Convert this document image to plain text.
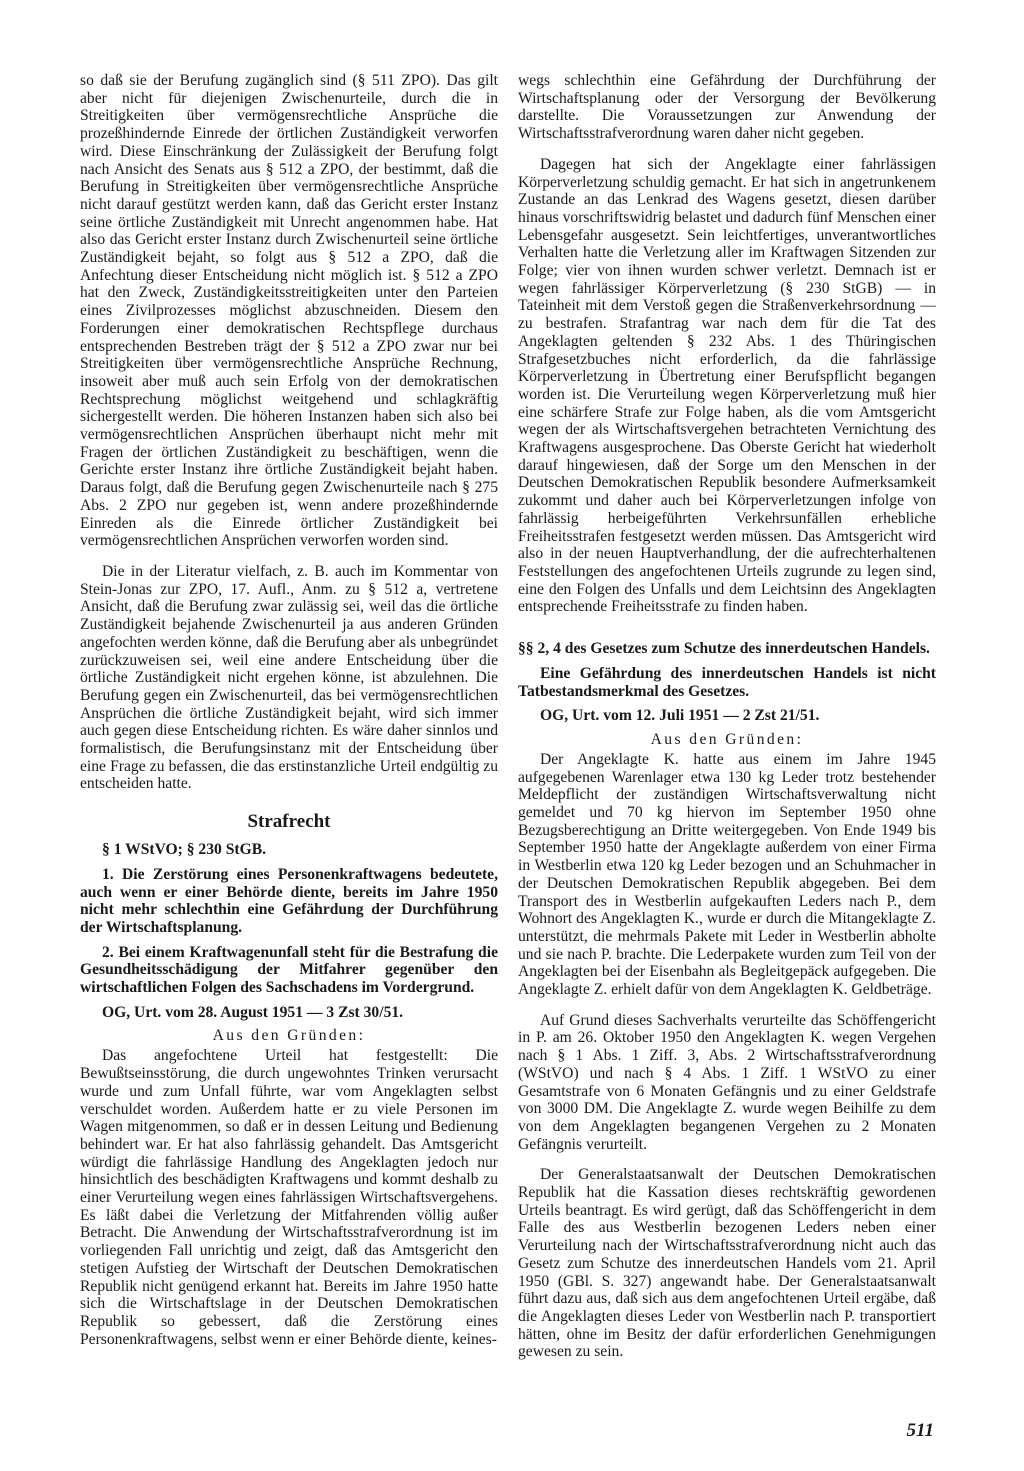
so daß sie der Berufung zugänglich sind (§ 511 ZPO). Das gilt aber nicht für diejenigen Zwischenurteile, durch die in Streitigkeiten über vermögensrechtliche Ansprüche die prozeßhindernde Einrede der örtlichen Zuständigkeit verworfen wird. Diese Einschränkung der Zulässigkeit der Berufung folgt nach Ansicht des Senats aus § 512 a ZPO, der bestimmt, daß die Berufung in Streitigkeiten über vermögensrechtliche Ansprüche nicht darauf gestützt werden kann, daß das Gericht erster Instanz seine örtliche Zuständigkeit mit Unrecht angenommen habe. Hat also das Gericht erster Instanz durch Zwischenurteil seine örtliche Zuständigkeit bejaht, so folgt aus § 512 a ZPO, daß die Anfechtung dieser Entscheidung nicht möglich ist. § 512 a ZPO hat den Zweck, Zuständigkeitsstreitigkeiten unter den Parteien eines Zivilprozesses möglichst abzuschneiden. Diesem den Forderungen einer demokratischen Rechtspflege durchaus entsprechenden Bestreben trägt der § 512 a ZPO zwar nur bei Streitigkeiten über vermögensrechtliche Ansprüche Rechnung, insoweit aber muß auch sein Erfolg von der demokratischen Rechtsprechung möglichst weitgehend und schlagkräftig sichergestellt werden. Die höheren Instanzen haben sich also bei vermögensrechtlichen Ansprüchen überhaupt nicht mehr mit Fragen der örtlichen Zuständigkeit zu beschäftigen, wenn die Gerichte erster Instanz ihre örtliche Zuständigkeit bejaht haben. Daraus folgt, daß die Berufung gegen Zwischenurteile nach § 275 Abs. 2 ZPO nur gegeben ist, wenn andere prozeßhindernde Einreden als die Einrede örtlicher Zuständigkeit bei vermögensrechtlichen Ansprüchen verworfen worden sind.

Die in der Literatur vielfach, z. B. auch im Kommentar von Stein-Jonas zur ZPO, 17. Aufl., Anm. zu § 512 a, vertretene Ansicht, daß die Berufung zwar zulässig sei, weil das die örtliche Zuständigkeit bejahende Zwischenurteil ja aus anderen Gründen angefochten werden könne, daß die Berufung aber als unbegründet zurückzuweisen sei, weil eine andere Entscheidung über die örtliche Zuständigkeit nicht ergehen könne, ist abzulehnen. Die Berufung gegen ein Zwischenurteil, das bei vermögensrechtlichen Ansprüchen die örtliche Zuständigkeit bejaht, wird sich immer auch gegen diese Entscheidung richten. Es wäre daher sinnlos und formalistisch, die Berufungsinstanz mit der Entscheidung über eine Frage zu befassen, die das erstinstanzliche Urteil endgültig zu entscheiden hatte.

Strafrecht

§ 1 WStVO; § 230 StGB.

1. Die Zerstörung eines Personenkraftwagens bedeutete, auch wenn er einer Behörde diente, bereits im Jahre 1950 nicht mehr schlechthin eine Gefährdung der Durchführung der Wirtschaftsplanung.

2. Bei einem Kraftwagenunfall steht für die Bestrafung die Gesundheitsschädigung der Mitfahrer gegenüber den wirtschaftlichen Folgen des Sachschadens im Vordergrund.

OG, Urt. vom 28. August 1951 — 3 Zst 30/51.

Aus den Gründen:

Das angefochtene Urteil hat festgestellt: Die Bewußtseinsstörung, die durch ungewohntes Trinken verursacht wurde und zum Unfall führte, war vom Angeklagten selbst verschuldet worden. Außerdem hatte er zu viele Personen im Wagen mitgenommen, so daß er in dessen Leitung und Bedienung behindert war. Er hat also fahrlässig gehandelt. Das Amtsgericht würdigt die fahrlässige Handlung des Angeklagten jedoch nur hinsichtlich des beschädigten Kraftwagens und kommt deshalb zu einer Verurteilung wegen eines fahrlässigen Wirtschaftsvergehens. Es läßt dabei die Verletzung der Mitfahrenden völlig außer Betracht. Die Anwendung der Wirtschaftsstrafverordnung ist im vorliegenden Fall unrichtig und zeigt, daß das Amtsgericht den stetigen Aufstieg der Wirtschaft der Deutschen Demokratischen Republik nicht genügend erkannt hat. Bereits im Jahre 1950 hatte sich die Wirtschaftslage in der Deutschen Demokratischen Republik so gebessert, daß die Zerstörung eines Personenkraftwagens, selbst wenn er einer Behörde diente, keines-

wegs schlechthin eine Gefährdung der Durchführung der Wirtschaftsplanung oder der Versorgung der Bevölkerung darstellte. Die Voraussetzungen zur Anwendung der Wirtschaftsstrafverordnung waren daher nicht gegeben.

Dagegen hat sich der Angeklagte einer fahrlässigen Körperverletzung schuldig gemacht. Er hat sich in angetrunkenem Zustande an das Lenkrad des Wagens gesetzt, diesen darüber hinaus vorschriftswidrig belastet und dadurch fünf Menschen einer Lebensgefahr ausgesetzt. Sein leichtfertiges, unverantwortliches Verhalten hatte die Verletzung aller im Kraftwagen Sitzenden zur Folge; vier von ihnen wurden schwer verletzt. Demnach ist er wegen fahrlässiger Körperverletzung (§ 230 StGB) — in Tateinheit mit dem Verstoß gegen die Straßenverkehrsordnung — zu bestrafen. Strafantrag war nach dem für die Tat des Angeklagten geltenden § 232 Abs. 1 des Thüringischen Strafgesetzbuches nicht erforderlich, da die fahrlässige Körperverletzung in Übertretung einer Berufspflicht begangen worden ist. Die Verurteilung wegen Körperverletzung muß hier eine schärfere Strafe zur Folge haben, als die vom Amtsgericht wegen der als Wirtschaftsvergehen betrachteten Vernichtung des Kraftwagens ausgesprochene. Das Oberste Gericht hat wiederholt darauf hingewiesen, daß der Sorge um den Menschen in der Deutschen Demokratischen Republik besondere Aufmerksamkeit zukommt und daher auch bei Körperverletzungen infolge von fahrlässig herbeigeführten Verkehrsunfällen erhebliche Freiheitsstrafen festgesetzt werden müssen. Das Amtsgericht wird also in der neuen Hauptverhandlung, der die aufrechterhaltenen Feststellungen des angefochtenen Urteils zugrunde zu legen sind, eine den Folgen des Unfalls und dem Leichtsinn des Angeklagten entsprechende Freiheitsstrafe zu finden haben.

§§ 2, 4 des Gesetzes zum Schutze des innerdeutschen Handels.

Eine Gefährdung des innerdeutschen Handels ist nicht Tatbestandsmerkmal des Gesetzes.

OG, Urt. vom 12. Juli 1951 — 2 Zst 21/51.

Aus den Gründen:

Der Angeklagte K. hatte aus einem im Jahre 1945 aufgegebenen Warenlager etwa 130 kg Leder trotz bestehender Meldepflicht der zuständigen Wirtschaftsverwaltung nicht gemeldet und 70 kg hiervon im September 1950 ohne Bezugsberechtigung an Dritte weitergegeben. Von Ende 1949 bis September 1950 hatte der Angeklagte außerdem von einer Firma in Westberlin etwa 120 kg Leder bezogen und an Schuhmacher in der Deutschen Demokratischen Republik abgegeben. Bei dem Transport des in Westberlin aufgekauften Leders nach P., dem Wohnort des Angeklagten K., wurde er durch die Mitangeklagte Z. unterstützt, die mehrmals Pakete mit Leder in Westberlin abholte und sie nach P. brachte. Die Lederpakete wurden zum Teil von der Angeklagten bei der Eisenbahn als Begleitgepäck aufgegeben. Die Angeklagte Z. erhielt dafür von dem Angeklagten K. Geldbeträge.

Auf Grund dieses Sachverhalts verurteilte das Schöffengericht in P. am 26. Oktober 1950 den Angeklagten K. wegen Vergehen nach § 1 Abs. 1 Ziff. 3, Abs. 2 Wirtschaftsstrafverordnung (WStVO) und nach § 4 Abs. 1 Ziff. 1 WStVO zu einer Gesamtstrafe von 6 Monaten Gefängnis und zu einer Geldstrafe von 3000 DM. Die Angeklagte Z. wurde wegen Beihilfe zu dem von dem Angeklagten begangenen Vergehen zu 2 Monaten Gefängnis verurteilt.

Der Generalstaatsanwalt der Deutschen Demokratischen Republik hat die Kassation dieses rechtskräftig gewordenen Urteils beantragt. Es wird gerügt, daß das Schöffengericht in dem Falle des aus Westberlin bezogenen Leders neben einer Verurteilung nach der Wirtschaftsstrafverordnung nicht auch das Gesetz zum Schutze des innerdeutschen Handels vom 21. April 1950 (GBl. S. 327) angewandt habe. Der Generalstaatsanwalt führt dazu aus, daß sich aus dem angefochtenen Urteil ergäbe, daß die Angeklagten dieses Leder von Westberlin nach P. transportiert hätten, ohne im Besitz der dafür erforderlichen Genehmigungen gewesen zu sein.

511
